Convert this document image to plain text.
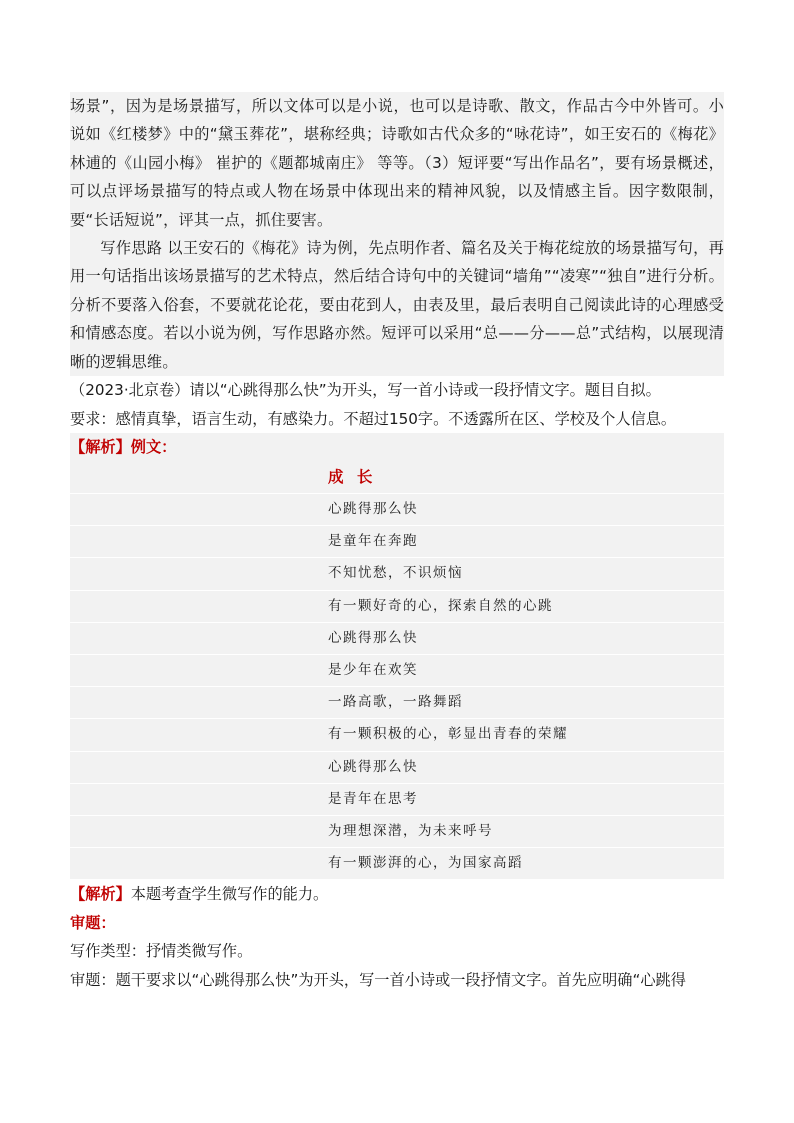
场景”，因为是场景描写，所以文体可以是小说，也可以是诗歌、散文，作品古今中外皆可。小说如《红楼梦》中的“黛玉葬花”，堪称经典；诗歌如古代众多的“咏花诗”，如王安石的《梅花》 林逋的《山园小梅》 崔护的《题都城南庄》 等等。（3）短评要“写出作品名”，要有场景概述，可以点评场景描写的特点或人物在场景中体现出来的精神风貌，以及情感主旨。因字数限制，要“长话短说”，评其一点，抓住要害。

写作思路 以王安石的《梅花》诗为例，先点明作者、篇名及关于梅花绽放的场景描写句，再用一句话指出该场景描写的艺术特点，然后结合诗句中的关键词“墙角”“凌寒”“独自”进行分析。分析不要落入俗套，不要就花论花，要由花到人，由表及里，最后表明自己阅读此诗的心理感受和情感态度。若以小说为例，写作思路亦然。短评可以采用“总——分——总”式结构，以展现清晰的逻辑思维。

（2023·北京卷）请以“心跳得那么快”为开头，写一首小诗或一段抒情文字。题目自拟。

要求：感情真挚，语言生动，有感染力。不超过150字。不透露所在区、学校及个人信息。

【解析】例文：

成 长
心跳得那么快
是童年在奔跑
不知忧愁，不识烦恼
有一颗好奇的心，探索自然的心跳
心跳得那么快
是少年在欢笑
一路高歌，一路舞蹈
有一颗积极的心，彰显出青春的荣耀
心跳得那么快
是青年在思考
为理想深潜，为未来呼号
有一颗澎湃的心，为国家高蹈

【解析】本题考查学生微写作的能力。

审题：

写作类型：抒情类微写作。

审题：题干要求以“心跳得那么快”为开头，写一首小诗或一段抒情文字。首先应明确“心跳得
